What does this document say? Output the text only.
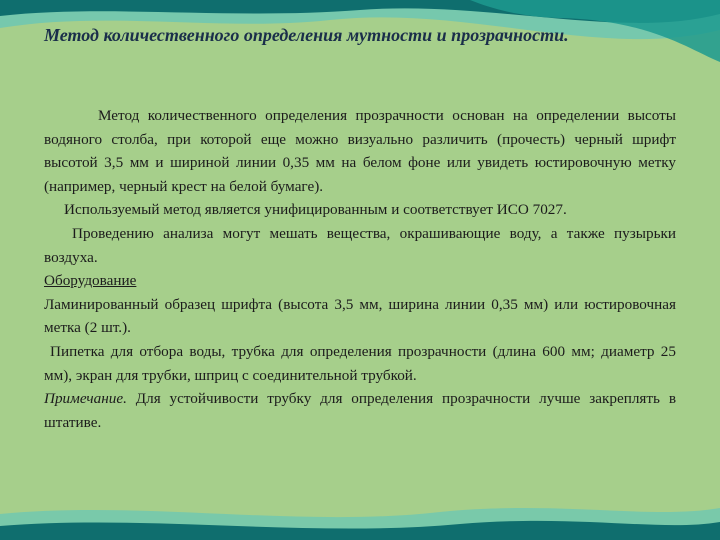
Метод количественного определения мутности и прозрачности.

Метод количественного определения прозрачности основан на определении высоты водяного столба, при которой еще можно визуально различить (прочесть) черный шрифт высотой 3,5 мм и шириной линии 0,35 мм на белом фоне или увидеть юстировочную метку (например, черный крест на белой бумаге).

Используемый метод является унифицированным и соответствует ИСО 7027.

Проведению анализа могут мешать вещества, окрашивающие воду, а также пузырьки воздуха.

Оборудование

Ламинированный образец шрифта (высота 3,5 мм, ширина линии 0,35 мм) или юстировочная метка (2 шт.).

Пипетка для отбора воды, трубка для определения прозрачности (длина 600 мм; диаметр 25 мм), экран для трубки, шприц с соединительной трубкой.

Примечание. Для устойчивости трубку для определения прозрачности лучше закреплять в штативе.
